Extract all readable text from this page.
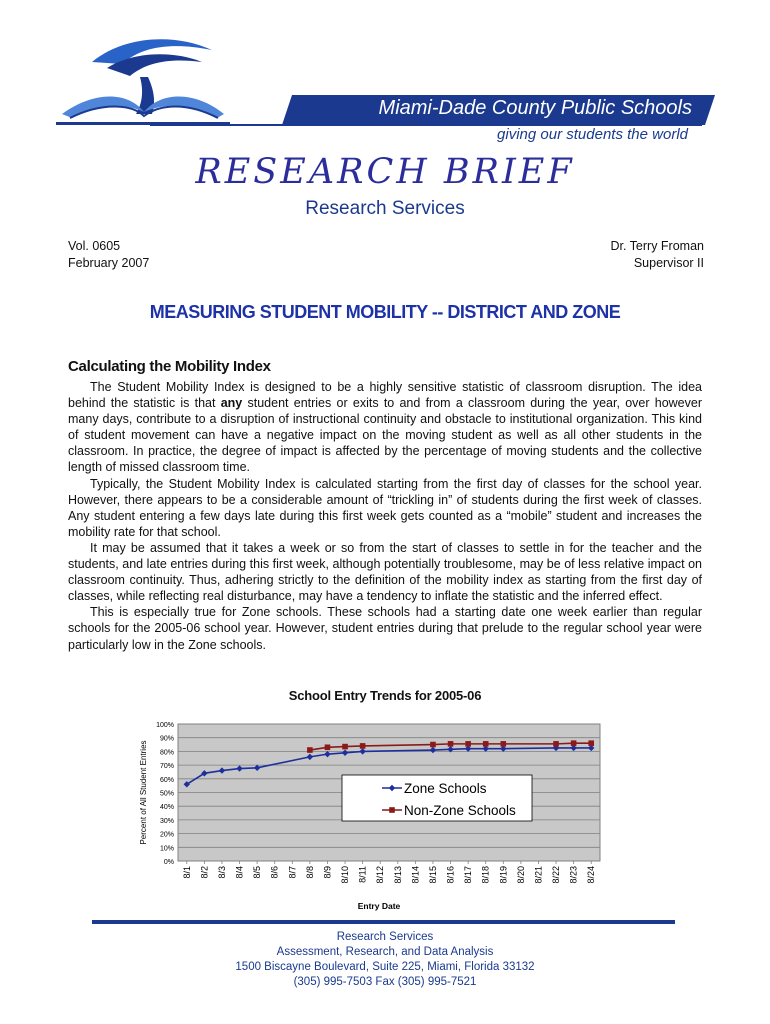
Miami-Dade County Public Schools
giving our students the world
RESEARCH BRIEF
Research Services
Vol. 0605
February 2007
Dr. Terry Froman
Supervisor II
MEASURING STUDENT MOBILITY -- DISTRICT AND ZONE
Calculating the Mobility Index

The Student Mobility Index is designed to be a highly sensitive statistic of classroom disruption. The idea behind the statistic is that any student entries or exits to and from a classroom during the year, over however many days, contribute to a disruption of instructional continuity and obstacle to institutional organization. This kind of student movement can have a negative impact on the moving student as well as all other students in the classroom. In practice, the degree of impact is affected by the percentage of moving students and the collective length of missed classroom time.

Typically, the Student Mobility Index is calculated starting from the first day of classes for the school year. However, there appears to be a considerable amount of “trickling in” of students during the first week of classes. Any student entering a few days late during this first week gets counted as a “mobile” student and increases the mobility rate for that school.

It may be assumed that it takes a week or so from the start of classes to settle in for the teacher and the students, and late entries during this first week, although potentially troublesome, may be of less relative impact on classroom continuity. Thus, adhering strictly to the definition of the mobility index as starting from the first day of classes, while reflecting real disturbance, may have a tendency to inflate the statistic and the inferred effect.

This is especially true for Zone schools. These schools had a starting date one week earlier than regular schools for the 2005-06 school year. However, student entries during that prelude to the regular school year were particularly low in the Zone schools.

School Entry Trends for 2005-06
0%
10%
20%
30%
40%
50%
60%
70%
80%
90%
100%
8/1 8/2 8/3 8/4 8/5 8/6 8/7 8/8 8/9 8/10 8/11 8/12 8/13 8/14 8/15 8/16 8/17 8/18 8/19 8/20 8/21 8/22 8/23 8/24
Entry Date
Percent of All Student Entries	Zone Schools
Non-Zone Schools
Research Services
Assessment, Research, and Data Analysis
1500 Biscayne Boulevard, Suite 225, Miami, Florida 33132
(305) 995-7503 Fax (305) 995-7521
